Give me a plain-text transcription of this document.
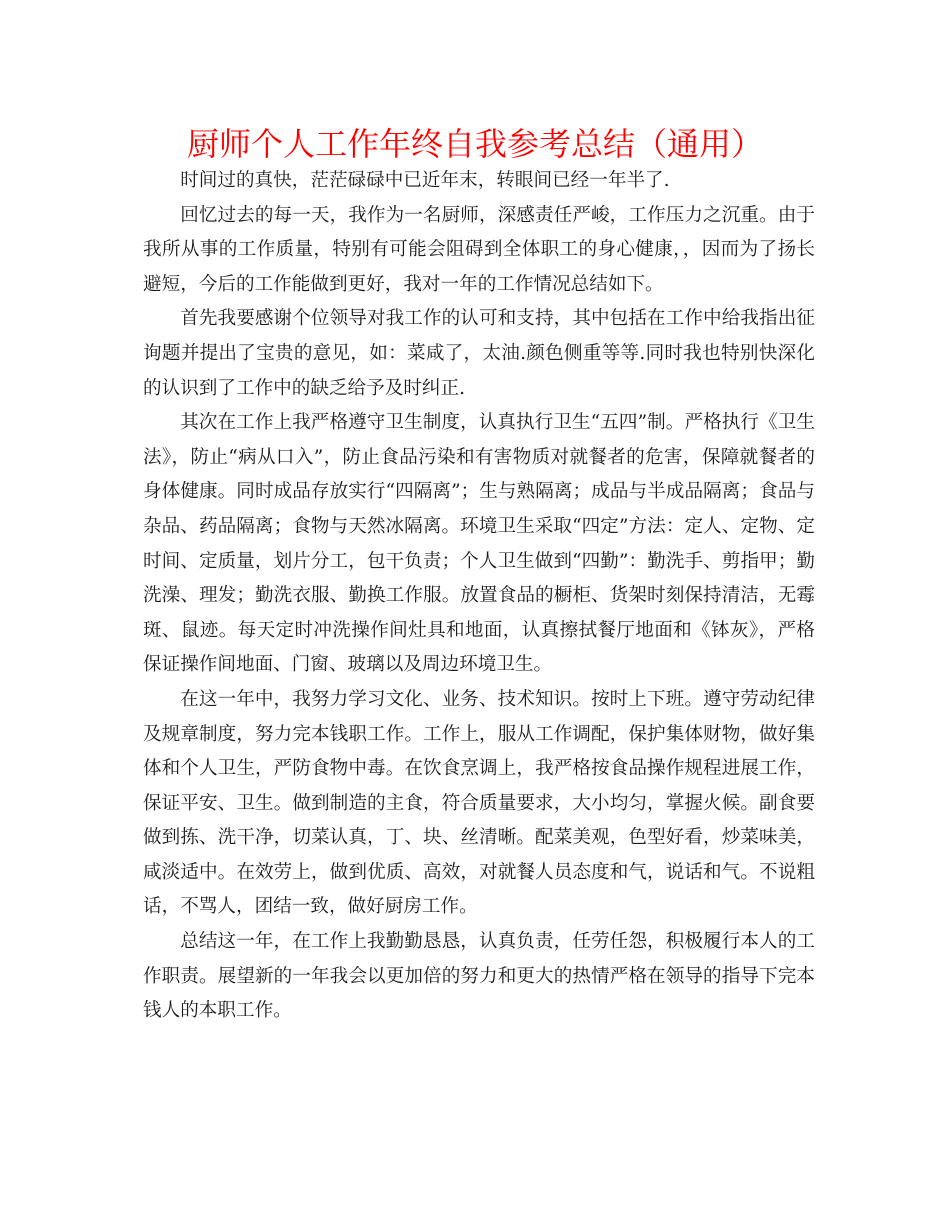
厨师个人工作年终自我参考总结（通用）

时间过的真快，茫茫碌碌中已近年末，转眼间已经一年半了.

回忆过去的每一天，我作为一名厨师，深感责任严峻，工作压力之沉重。由于我所从事的工作质量，特别有可能会阻碍到全体职工的身心健康，，因而为了扬长避短，今后的工作能做到更好，我对一年的工作情况总结如下。

首先我要感谢个位领导对我工作的认可和支持，其中包括在工作中给我指出征询题并提出了宝贵的意见，如：菜咸了，太油.颜色侧重等等.同时我也特别快深化的认识到了工作中的缺乏给予及时纠正.

其次在工作上我严格遵守卫生制度，认真执行卫生“五四”制。严格执行《卫生法》，防止“病从口入”，防止食品污染和有害物质对就餐者的危害，保障就餐者的身体健康。同时成品存放实行“四隔离”；生与熟隔离；成品与半成品隔离；食品与杂品、药品隔离；食物与天然冰隔离。环境卫生采取“四定”方法：定人、定物、定时间、定质量，划片分工，包干负责；个人卫生做到“四勤”：勤洗手、剪指甲；勤洗澡、理发；勤洗衣服、勤换工作服。放置食品的橱柜、货架时刻保持清洁，无霉斑、鼠迹。每天定时冲洗操作间灶具和地面，认真擦拭餐厅地面和《钵灰》，严格保证操作间地面、门窗、玻璃以及周边环境卫生。

在这一年中，我努力学习文化、业务、技术知识。按时上下班。遵守劳动纪律及规章制度，努力完本钱职工作。工作上，服从工作调配，保护集体财物，做好集体和个人卫生，严防食物中毒。在饮食烹调上，我严格按食品操作规程进展工作，保证平安、卫生。做到制造的主食，符合质量要求，大小均匀，掌握火候。副食要做到拣、洗干净，切菜认真，丁、块、丝清晰。配菜美观，色型好看，炒菜味美，咸淡适中。在效劳上，做到优质、高效，对就餐人员态度和气，说话和气。不说粗话，不骂人，团结一致，做好厨房工作。

总结这一年，在工作上我勤勤恳恳，认真负责，任劳任怨，积极履行本人的工作职责。展望新的一年我会以更加倍的努力和更大的热情严格在领导的指导下完本钱人的本职工作。
